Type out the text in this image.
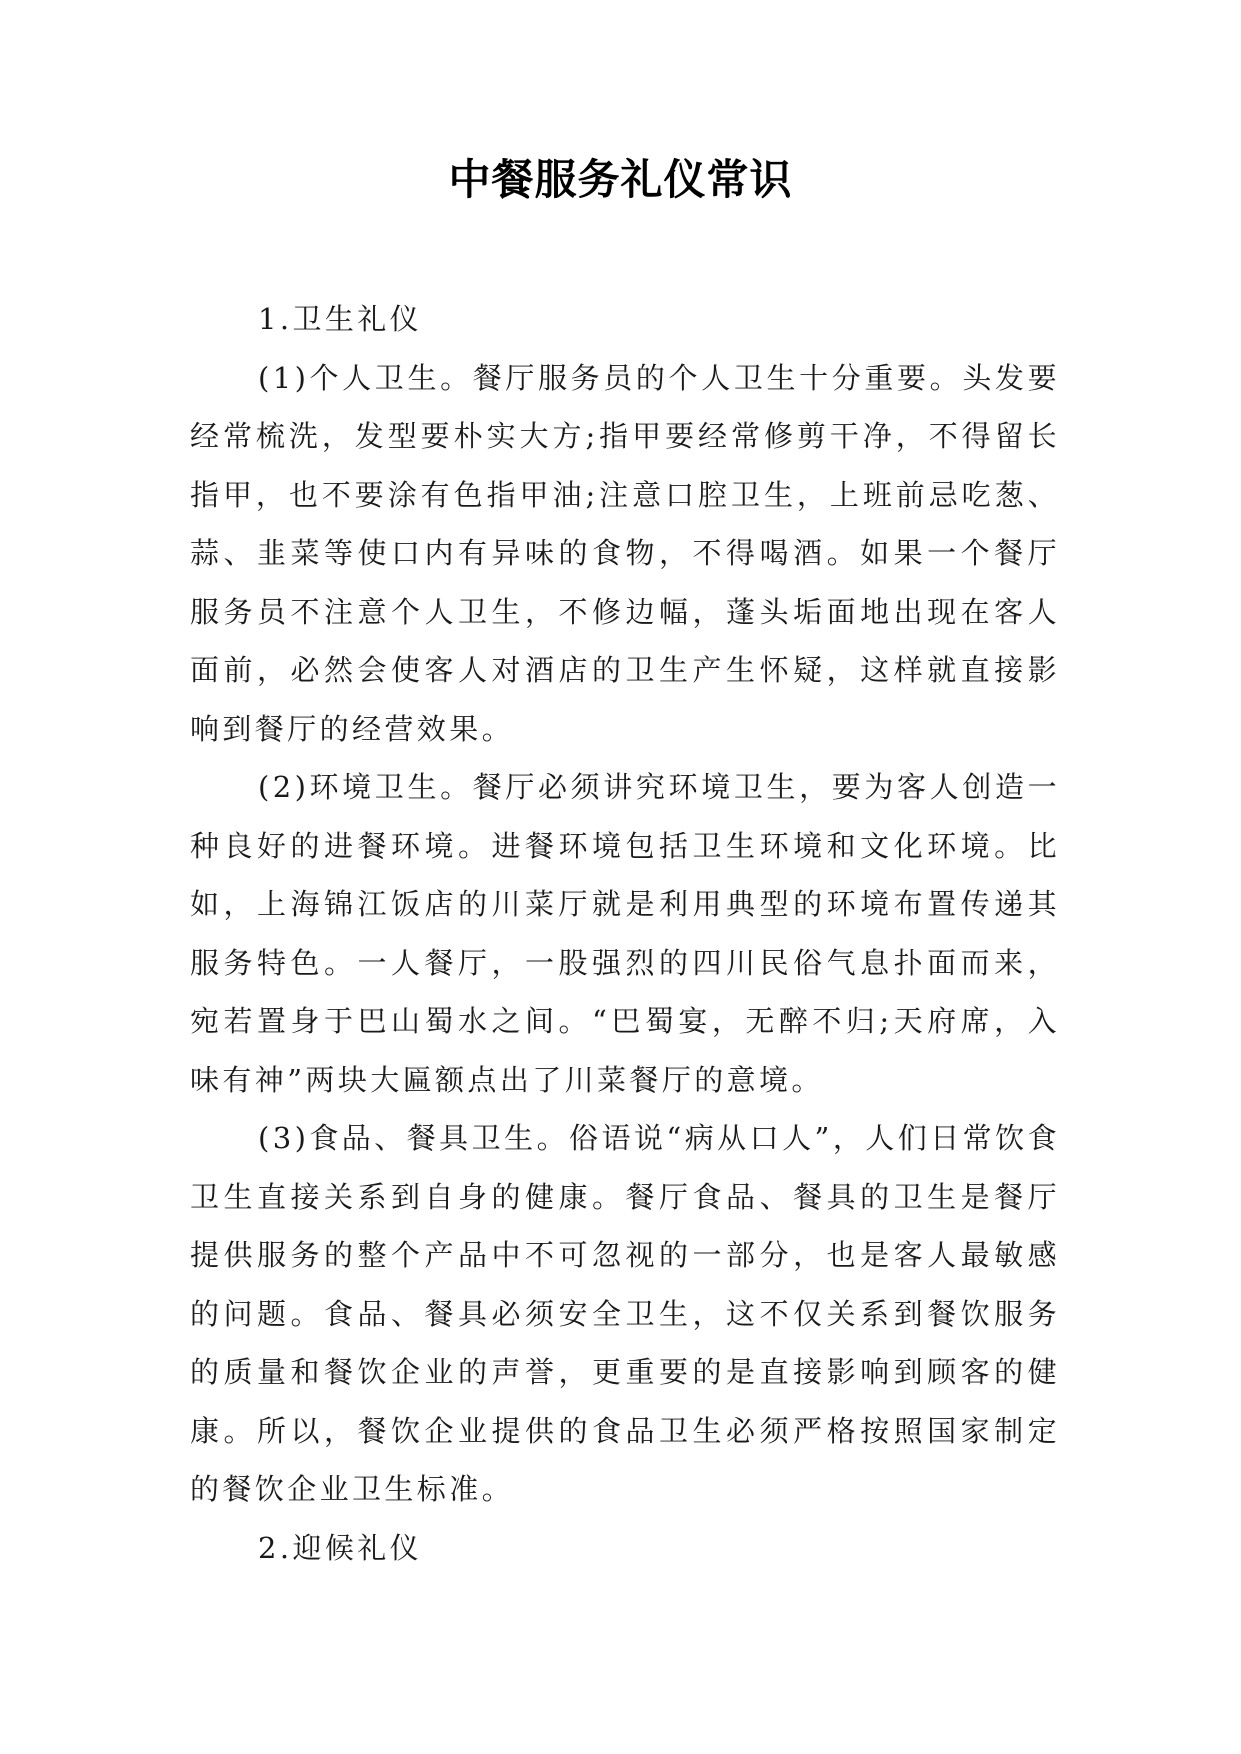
中餐服务礼仪常识

1.卫生礼仪

(1)个人卫生。餐厅服务员的个人卫生十分重要。头发要经常梳洗，发型要朴实大方;指甲要经常修剪干净，不得留长指甲，也不要涂有色指甲油;注意口腔卫生，上班前忌吃葱、蒜、韭菜等使口内有异味的食物，不得喝酒。如果一个餐厅服务员不注意个人卫生，不修边幅，蓬头垢面地出现在客人面前，必然会使客人对酒店的卫生产生怀疑，这样就直接影响到餐厅的经营效果。

(2)环境卫生。餐厅必须讲究环境卫生，要为客人创造一种良好的进餐环境。进餐环境包括卫生环境和文化环境。比如，上海锦江饭店的川菜厅就是利用典型的环境布置传递其服务特色。一人餐厅，一股强烈的四川民俗气息扑面而来，宛若置身于巴山蜀水之间。“巴蜀宴，无醉不归;天府席，入味有神”两块大匾额点出了川菜餐厅的意境。

(3)食品、餐具卫生。俗语说“病从口人”，人们日常饮食卫生直接关系到自身的健康。餐厅食品、餐具的卫生是餐厅提供服务的整个产品中不可忽视的一部分，也是客人最敏感的问题。食品、餐具必须安全卫生，这不仅关系到餐饮服务的质量和餐饮企业的声誉，更重要的是直接影响到顾客的健康。所以，餐饮企业提供的食品卫生必须严格按照国家制定的餐饮企业卫生标准。

2.迎候礼仪
